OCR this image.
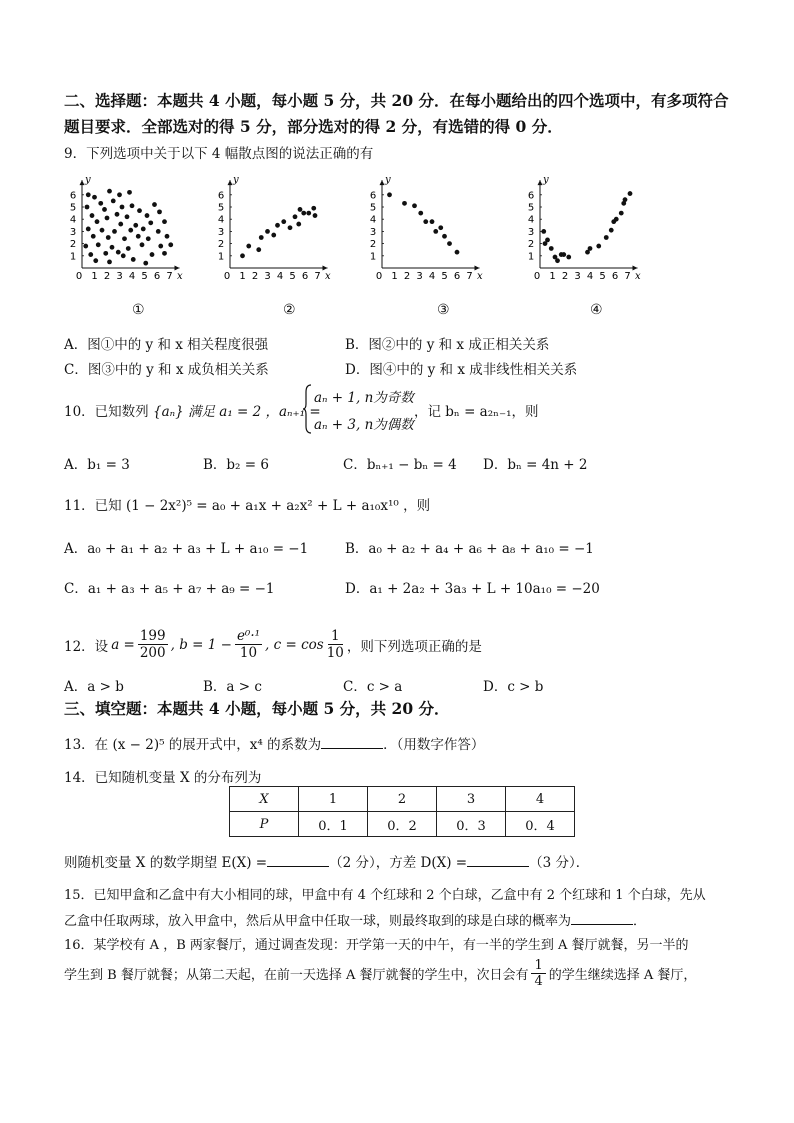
二、选择题：本题共 4 小题，每小题 5 分，共 20 分．在每小题给出的四个选项中，有多项符合
题目要求．全部选对的得 5 分，部分选对的得 2 分，有选错的得 0 分．
9．下列选项中关于以下 4 幅散点图的说法正确的有
y
x
1
2
3
4
5
6
0 1 2 3 4 5 6 7
y
x
1
2
3
4
5
6
0 1 2 3 4 5 6 7
y
x
1
2
3
4
5
6
0 1 2 3 4 5 6 7
y
x
1
2
3
4
5
6
0 1 2 3 4 5 6 7
①	②	③	④
A．图①中的 y 和 x 相关程度很强	B．图②中的 y 和 x 成正相关关系
C．图③中的 y 和 x 成负相关关系	D．图④中的 y 和 x 成非线性相关关系
10．已知数列 {aₙ} 满足 a₁ = 2 ，aₙ₊₁ =
aₙ + 1, n为奇数
aₙ + 3, n为偶数
，记 bₙ = a₂ₙ₋₁，则
A．b₁ = 3	B．b₂ = 6	C．bₙ₊₁ − bₙ = 4 D．bₙ = 4n + 2
11．已知 (1 − 2x²)⁵ = a₀ + a₁x + a₂x² + L + a₁₀x¹⁰ ，则
A．a₀ + a₁ + a₂ + a₃ + L + a₁₀ = −1	B．a₀ + a₂ + a₄ + a₆ + a₈ + a₁₀ = −1
C．a₁ + a₃ + a₅ + a₇ + a₉ = −1	D．a₁ + 2a₂ + 3a₃ + L + 10a₁₀ = −20
12．设 $a = \frac{199}{200}$ , $b = 1 - \frac{\text{e⁰·¹}}{10}$ , $c = \cos \frac{1}{10}$ ，则下列选项正确的是
A．a > b	B．a > c	C．c > a	D．c > b
三、填空题：本题共 4 小题，每小题 5 分，共 20 分．
13．在 (x − 2)⁵ 的展开式中，x⁴ 的系数为	．（用数字作答）
14．已知随机变量 X 的分布列为
X	1	2	3	4
P	0．1	0．2	0．3	0．4
则随机变量 X 的数学期望 E(X) =	（2 分），方差 D(X) =	（3 分）．
15．已知甲盒和乙盒中有大小相同的球，甲盒中有 4 个红球和 2 个白球，乙盒中有 2 个红球和 1 个白球，先从
乙盒中任取两球，放入甲盒中，然后从甲盒中任取一球，则最终取到的球是白球的概率为	．
16．某学校有 A ，B 两家餐厅，通过调查发现：开学第一天的中午，有一半的学生到 A 餐厅就餐，另一半的
学生到 B 餐厅就餐；从第二天起，在前一天选择 A 餐厅就餐的学生中，次日会有 $\frac{1}{4}$ 的学生继续选择 A 餐厅，
